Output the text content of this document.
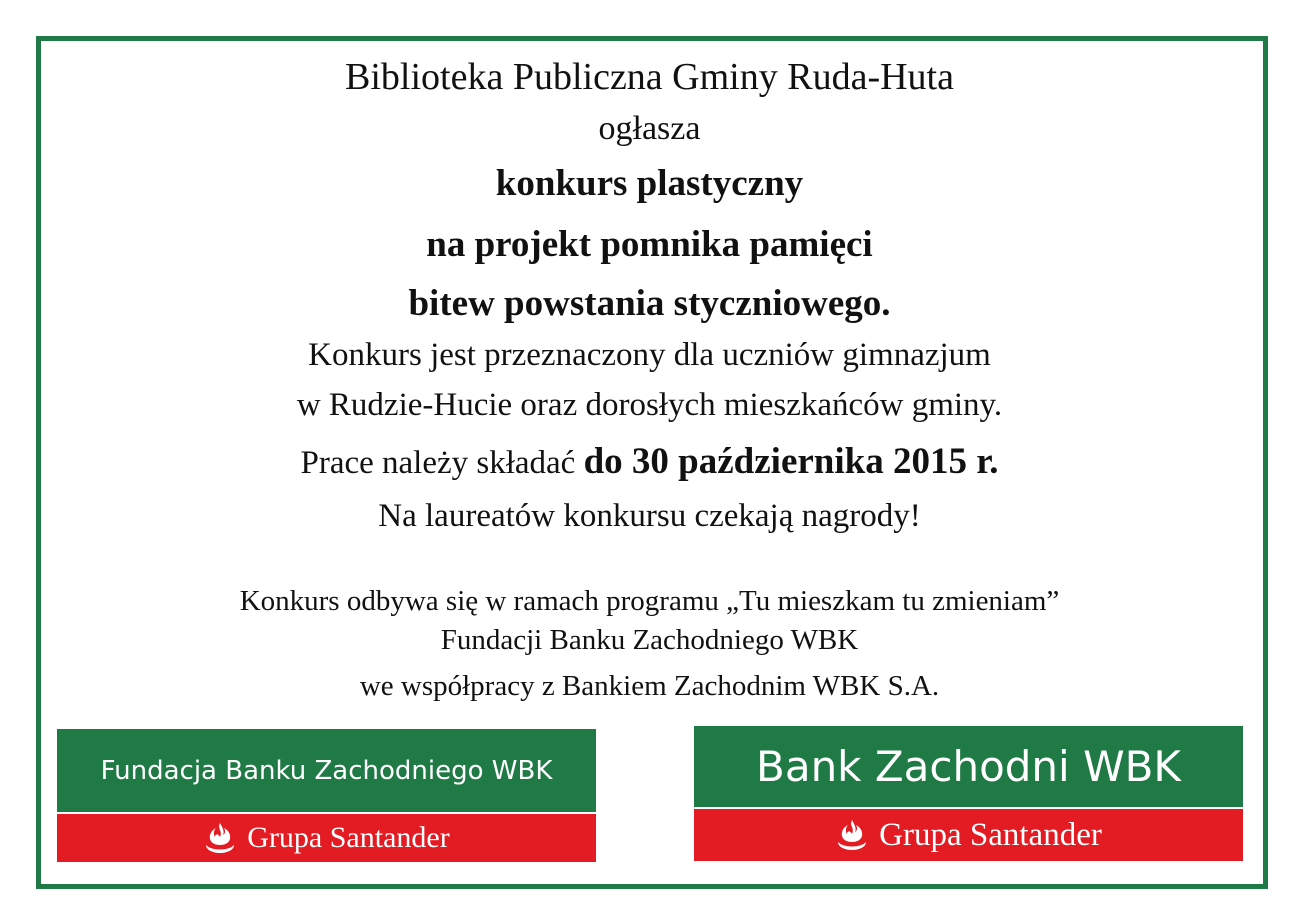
Biblioteka Publiczna Gminy Ruda-Huta
ogłasza
konkurs plastyczny
na projekt pomnika pamięci
bitew powstania styczniowego.
Konkurs jest przeznaczony dla uczniów gimnazjum
w Rudzie-Hucie oraz dorosłych mieszkańców gminy.
Prace należy składać do 30 października 2015 r.
Na laureatów konkursu czekają nagrody!
Konkurs odbywa się w ramach programu „Tu mieszkam tu zmieniam”
Fundacji Banku Zachodniego WBK
we współpracy z Bankiem Zachodnim WBK S.A.
Fundacja Banku Zachodniego WBK
Grupa Santander
Bank Zachodni WBK
Grupa Santander
